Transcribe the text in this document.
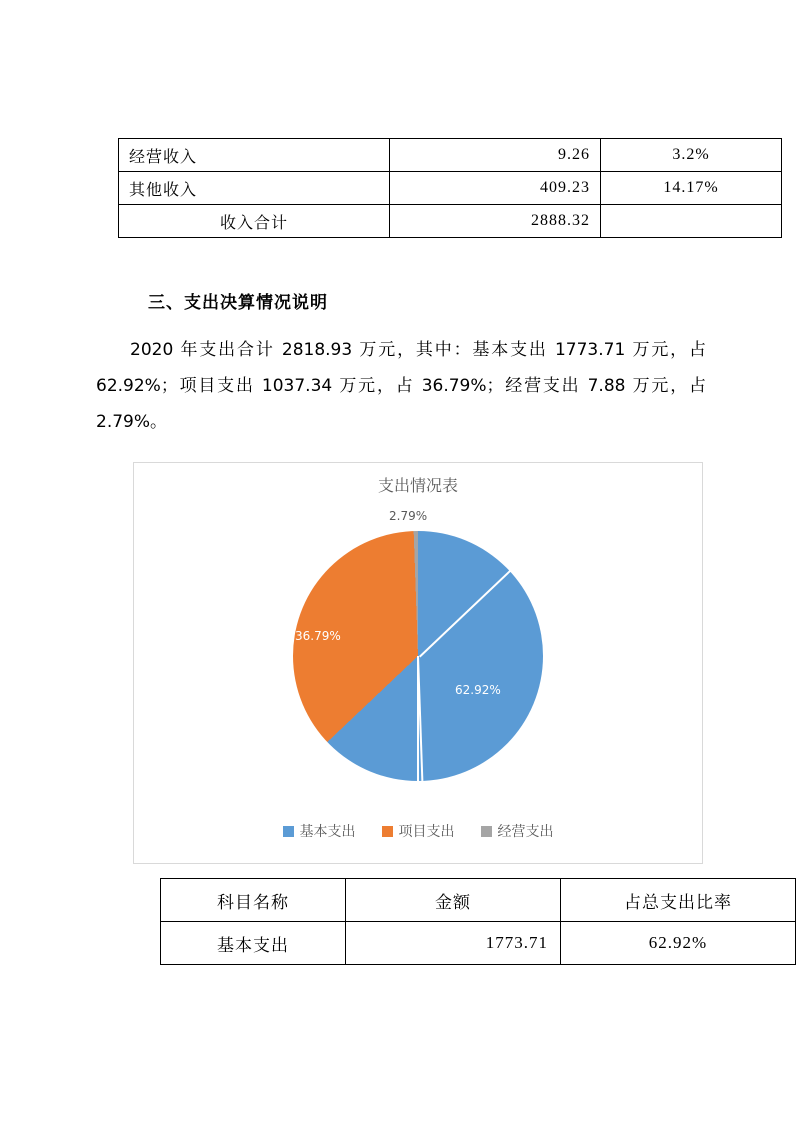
经营收入	9.26	3.2%
其他收入	409.23	14.17%
收入合计	2888.32	
三、支出决算情况说明
2020 年支出合计 2818.93 万元，其中：基本支出 1773.71 万元，占 62.92%；项目支出 1037.34 万元，占 36.79%；经营支出 7.88 万元，占 2.79%。
支出情况表
62.92%
36.79%
2.79%
基本支出	项目支出	经营支出
科目名称	金额	占总支出比率
基本支出	1773.71	62.92%
